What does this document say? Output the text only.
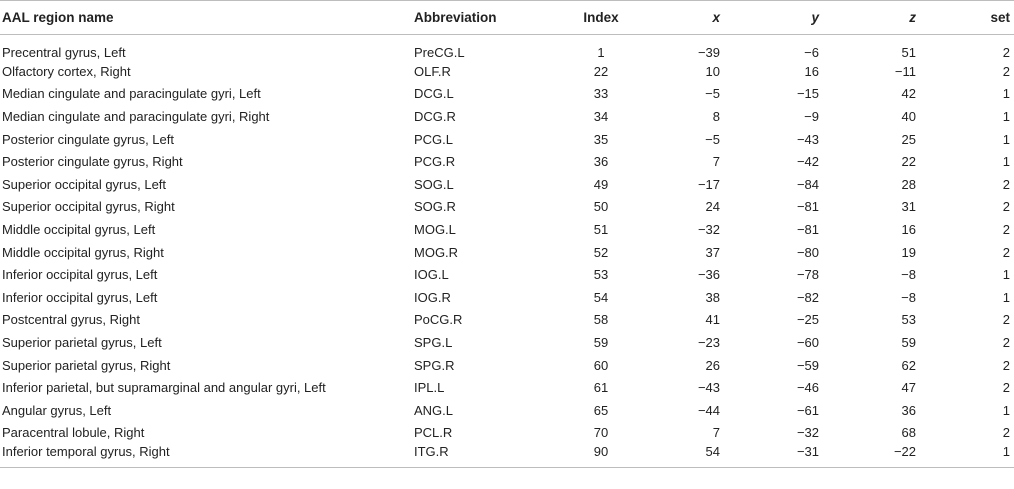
AAL region name	Abbreviation	Index	x	y	z	set
Precentral gyrus, Left	PreCG.L	1	−39	−6	51	2
Olfactory cortex, Right	OLF.R	22	10	16	−11	2
Median cingulate and paracingulate gyri, Left	DCG.L	33	−5	−15	42	1
Median cingulate and paracingulate gyri, Right	DCG.R	34	8	−9	40	1
Posterior cingulate gyrus, Left	PCG.L	35	−5	−43	25	1
Posterior cingulate gyrus, Right	PCG.R	36	7	−42	22	1
Superior occipital gyrus, Left	SOG.L	49	−17	−84	28	2
Superior occipital gyrus, Right	SOG.R	50	24	−81	31	2
Middle occipital gyrus, Left	MOG.L	51	−32	−81	16	2
Middle occipital gyrus, Right	MOG.R	52	37	−80	19	2
Inferior occipital gyrus, Left	IOG.L	53	−36	−78	−8	1
Inferior occipital gyrus, Left	IOG.R	54	38	−82	−8	1
Postcentral gyrus, Right	PoCG.R	58	41	−25	53	2
Superior parietal gyrus, Left	SPG.L	59	−23	−60	59	2
Superior parietal gyrus, Right	SPG.R	60	26	−59	62	2
Inferior parietal, but supramarginal and angular gyri, Left	IPL.L	61	−43	−46	47	2
Angular gyrus, Left	ANG.L	65	−44	−61	36	1
Paracentral lobule, Right	PCL.R	70	7	−32	68	2
Inferior temporal gyrus, Right	ITG.R	90	54	−31	−22	1
